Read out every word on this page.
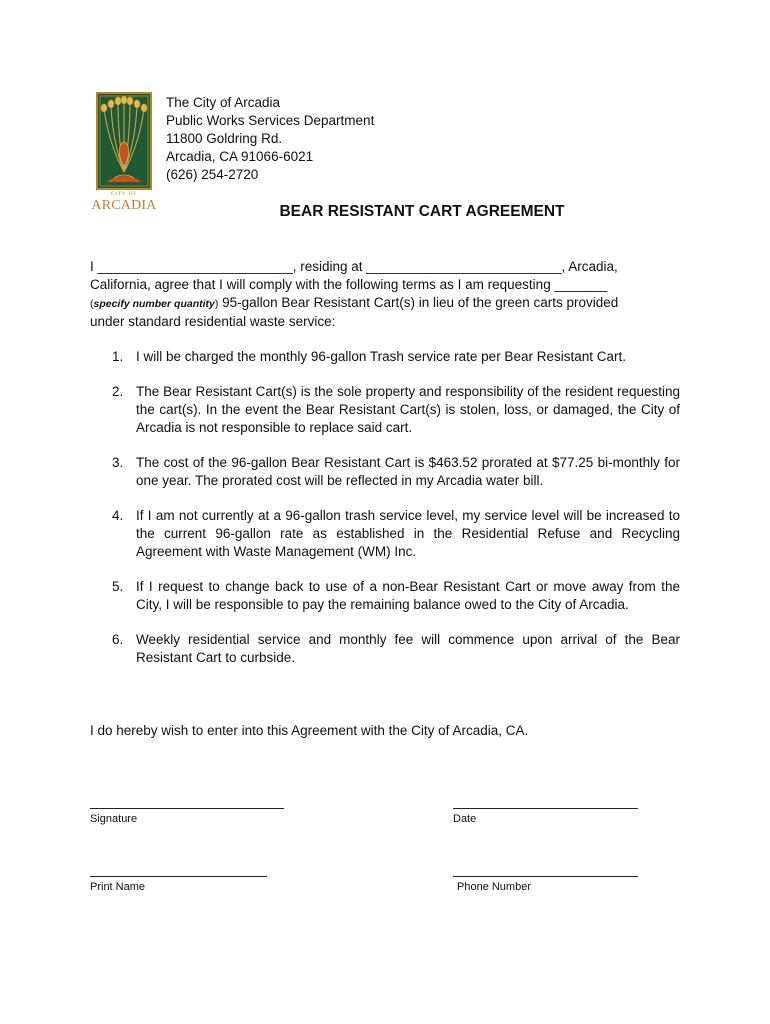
CITY OF
ARCADIA
The City of Arcadia
Public Works Services Department
11800 Goldring Rd.
Arcadia, CA 91066-6021
(626) 254-2720
BEAR RESISTANT CART AGREEMENT
I __________________________, residing at __________________________, Arcadia,
California, agree that I will comply with the following terms as I am requesting _______
(specify number quantity) 95-gallon Bear Resistant Cart(s) in lieu of the green carts provided
under standard residential waste service:
1. I will be charged the monthly 96-gallon Trash service rate per Bear Resistant Cart.
2. The Bear Resistant Cart(s) is the sole property and responsibility of the resident requesting the cart(s). In the event the Bear Resistant Cart(s) is stolen, loss, or damaged, the City of Arcadia is not responsible to replace said cart.
3. The cost of the 96-gallon Bear Resistant Cart is $463.52 prorated at $77.25 bi-monthly for one year. The prorated cost will be reflected in my Arcadia water bill.
4. If I am not currently at a 96-gallon trash service level, my service level will be increased to the current 96-gallon rate as established in the Residential Refuse and Recycling Agreement with Waste Management (WM) Inc.
5. If I request to change back to use of a non-Bear Resistant Cart or move away from the City, I will be responsible to pay the remaining balance owed to the City of Arcadia.
6. Weekly residential service and monthly fee will commence upon arrival of the Bear Resistant Cart to curbside.
I do hereby wish to enter into this Agreement with the City of Arcadia, CA.
Signature	Date
Print Name	Phone Number
